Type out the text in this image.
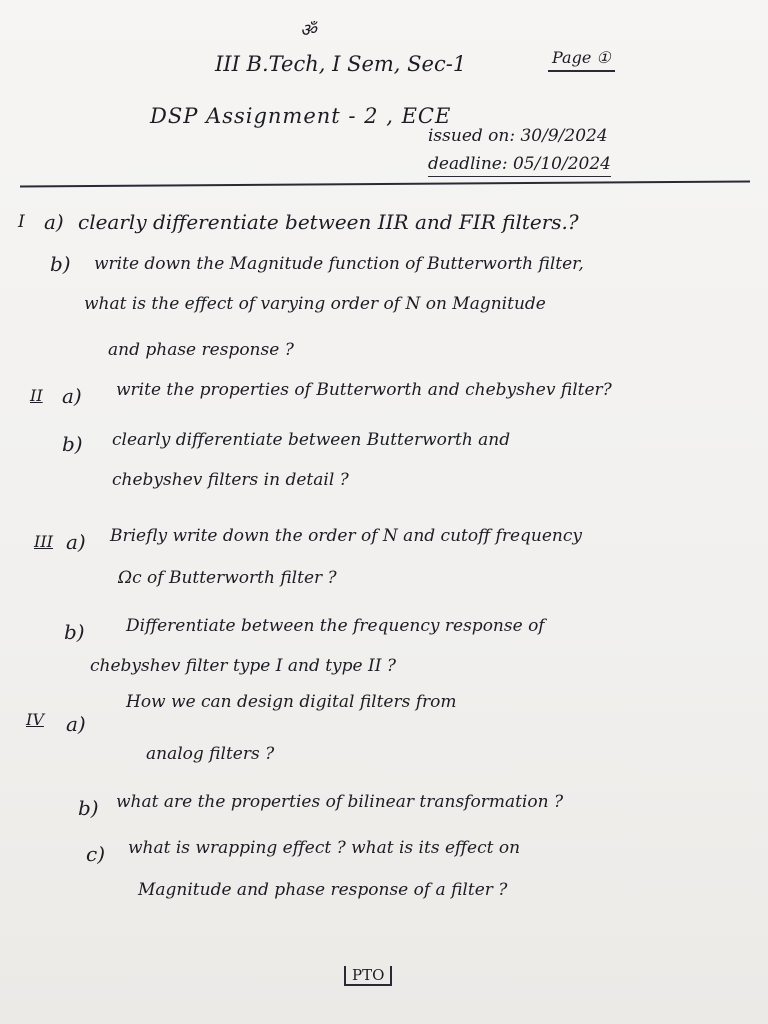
ॐ
III B.Tech, I Sem, Sec-1	Page ①
DSP Assignment - 2 , ECE
issued on: 30/9/2024
deadline: 05/10/2024
I a) clearly differentiate between IIR and FIR filters.?
b) write down the Magnitude function of Butterworth filter,
what is the effect of varying order of N on Magnitude
and phase response ?
II a) write the properties of Butterworth and chebyshev filter?
b) clearly differentiate between Butterworth and
chebyshev filters in detail ?
III a) Briefly write down the order of N and cutoff frequency
Ωc of Butterworth filter ?
b) Differentiate between the frequency response of
chebyshev filter type I and type II ?
IV a)
How we can design digital filters from
analog filters ?
b) what are the properties of bilinear transformation ?
c) what is wrapping effect ? what is its effect on
Magnitude and phase response of a filter ?
PTO
